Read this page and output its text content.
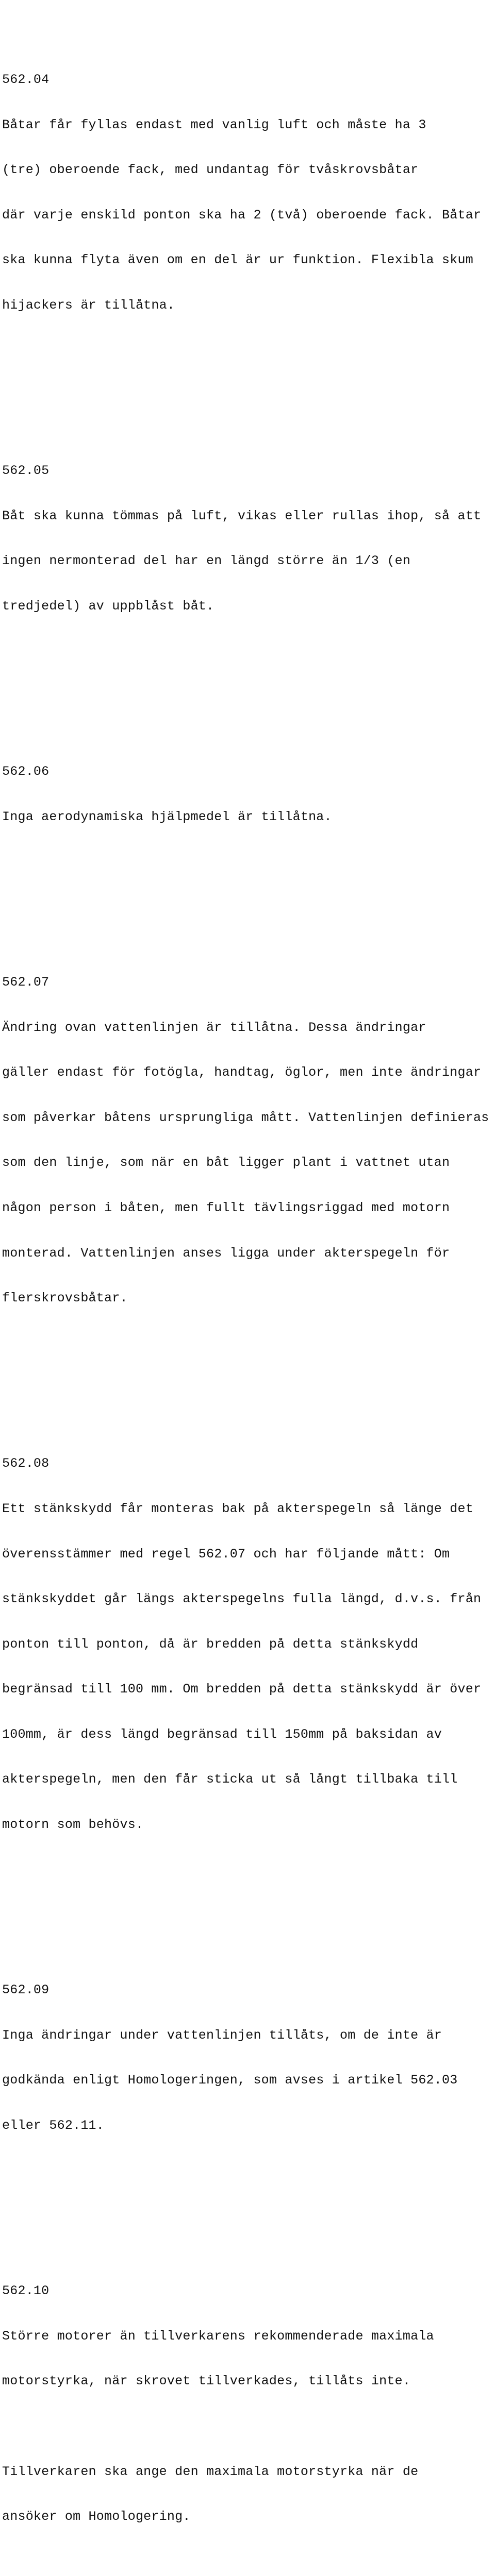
562.04

Båtar får fyllas endast med vanlig luft och måste ha 3

(tre) oberoende fack, med undantag för tvåskrovsbåtar

där varje enskild ponton ska ha 2 (två) oberoende fack. Båtar

ska kunna flyta även om en del är ur funktion. Flexibla skum

hijackers är tillåtna.

562.05

Båt ska kunna tömmas på luft, vikas eller rullas ihop, så att

ingen nermonterad del har en längd större än 1/3 (en

tredjedel) av uppblåst båt.

562.06

Inga aerodynamiska hjälpmedel är tillåtna.

562.07

Ändring ovan vattenlinjen är tillåtna. Dessa ändringar

gäller endast för fotögla, handtag, öglor, men inte ändringar

som påverkar båtens ursprungliga mått. Vattenlinjen definieras

som den linje, som när en båt ligger plant i vattnet utan

någon person i båten, men fullt tävlingsriggad med motorn

monterad. Vattenlinjen anses ligga under akterspegeln för

flerskrovsbåtar.

562.08

Ett stänkskydd får monteras bak på akterspegeln så länge det

överensstämmer med regel 562.07 och har följande mått: Om

stänkskyddet går längs akterspegelns fulla längd, d.v.s. från

ponton till ponton, då är bredden på detta stänkskydd

begränsad till 100 mm. Om bredden på detta stänkskydd är över

100mm, är dess längd begränsad till 150mm på baksidan av

akterspegeln, men den får sticka ut så långt tillbaka till

motorn som behövs.

562.09

Inga ändringar under vattenlinjen tillåts, om de inte är

godkända enligt Homologeringen, som avses i artikel 562.03

eller 562.11.

562.10

Större motorer än tillverkarens rekommenderade maximala

motorstyrka, när skrovet tillverkades, tillåts inte.

Tillverkaren ska ange den maximala motorstyrka när de

ansöker om Homologering.
